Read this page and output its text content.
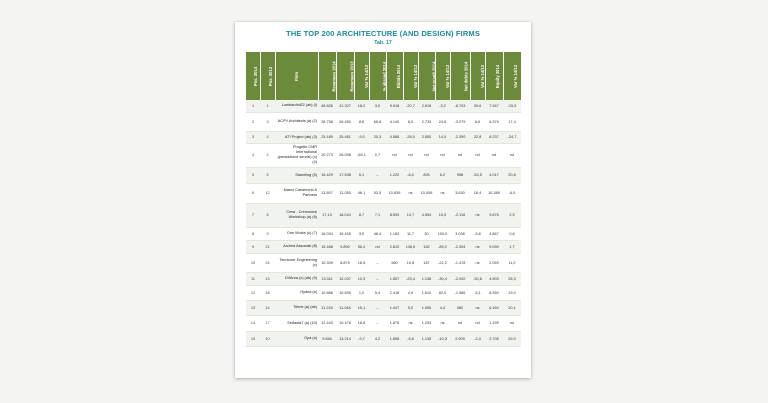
THE TOP 200 ARCHITECTURE (AND DESIGN) FIRMS
Tab. 17
Pos. 2014	Pos. 2013	Firm	Revenues 2014	Revenues 2013	Var % 14/13	% abroad 2014	Ebitda 2014	Var % 14/13	Net result 2014	Var % 14/13	Net debts 2014	Var % 14/13	Equity 2014	Var % 14/13
1	1	Lombardini22 (ab) (l)	48.836	41.327	18,2	3,0	5.518	-20,7	2.618	-3,2	-8.703	39,6	7.947	-15,5
2	3	ACPV Architects (a) (2)	28.758	26.450	8,6	66,8	4.140	6,5	2.733	24,6	-3.279	8,6	6.379	17,4
3	4	ATI Project (ab) (3)	23.189	25.481	-9,0	20,3	4.588	-28,0	2.850	14,0	-2.390	32,8	8.237	-24,7
4	2	Progetto CMR International (prestazione servizi) (c) (4)	20.273	26.098	-65,1	0,7	nd	nd	nd	nd	nd	nd	nd	nd
5	5	Starching (5)	16.429	17.538	5,1	–	1.220	-8,4	825	6,2	958	-53,5	4.017	20,8
6	12	Marco Casamonti & Partners	13.807	12.050	46,1	52,5	10.839	ns	10.006	ns	3.630	18,4	10.389	-6,0
7	8	Crew - Cremonesi Workshop (a) (6)	17,13	18.044	8,7	7,1	8.593	14,7	4.554	15,5	-2.116	ns	9.876	2,5
8	9	One Works (c) (7)	16.034	15.435	3,9	48,4	1.183	11,7	30	100,0	3.038	-5,8	4.867	0,6
9	21	Archea Associati (8)	15.468	9.892	56,4	nd	2.810	136,6	152	-89,2	-2.394	ns	9.039	1,7
10	24	Tecnicoer Engineering (c)	10.339	8.875	16,5	–	560	10,8	187	-22,2	-1.478	ns	2.059	11,2
11	13	DVArea (c) (ab) (9)	13.311	12.037	10,3	–	1.657	-23,4	1.138	-30,4	-2.092	-30,8	4.903	28,3
12	18	Hydea (a)	10.888	10.695	1,0	5,4	2.418	4,9	1.610	82,0	-1.986	-5,1	8.260	19,0
13	14	Tekne (a) (ab)	11.218	11.048	15,1	–	1.447	5,0	1.055	4,4	982	ns	6.164	20,1
14	17	Settanta7 (a) (10)	12.443	10.478	18,8	–	1.875	ns	1.253	ns	nd	nd	1.299	ns
15	10	Gpa (a)	9.656	13.214	-9,7	4,2	1.898	-5,8	1.135	-10,3	2.909	-2,4	2.705	29,0
